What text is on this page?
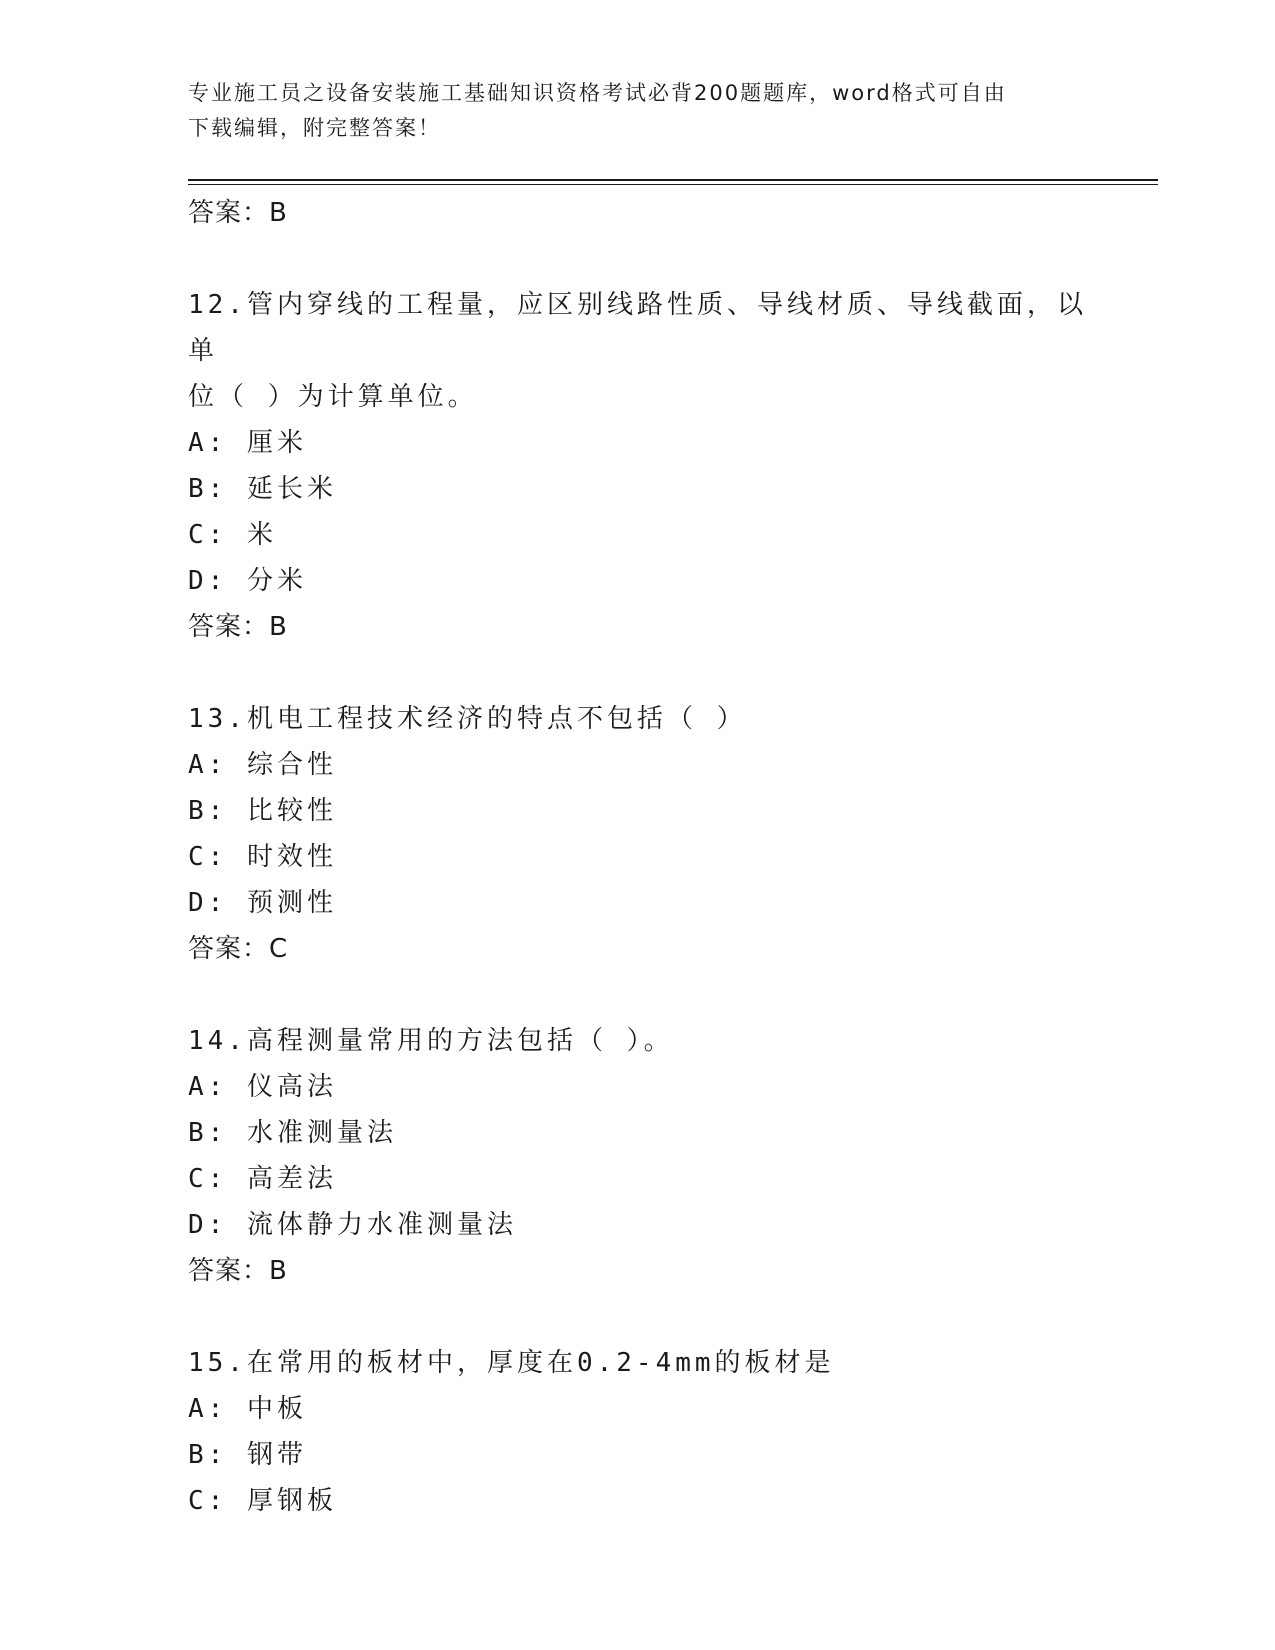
专业施工员之设备安装施工基础知识资格考试必背200题题库，word格式可自由
下载编辑，附完整答案！
答案：B
12.管内穿线的工程量，应区别线路性质、导线材质、导线截面，以单
位（ ）为计算单位。
A: 厘米
B: 延长米
C: 米
D: 分米
答案：B
13.机电工程技术经济的特点不包括（ ）
A: 综合性
B: 比较性
C: 时效性
D: 预测性
答案：C
14.高程测量常用的方法包括（ ）。
A: 仪高法
B: 水准测量法
C: 高差法
D: 流体静力水准测量法
答案：B
15.在常用的板材中，厚度在0.2-4mm的板材是
A: 中板
B: 钢带
C: 厚钢板
